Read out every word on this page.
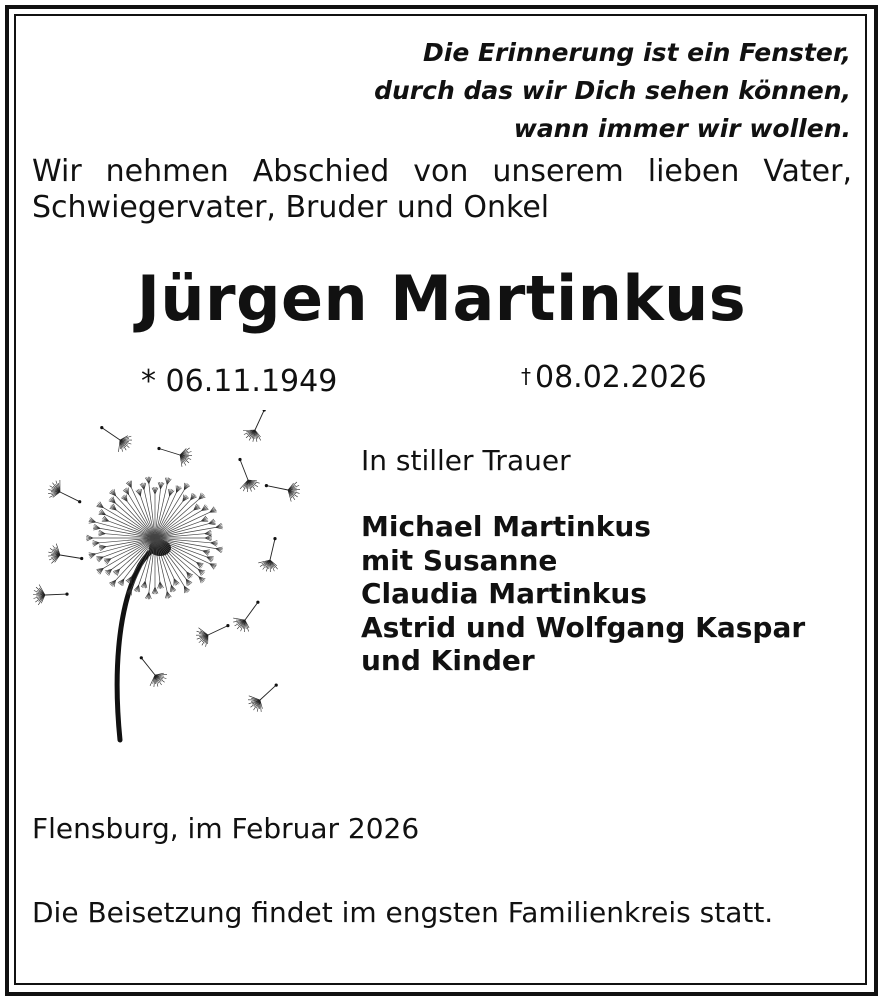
Die Erinnerung ist ein Fenster,
durch das wir Dich sehen können,
wann immer wir wollen.
Wir nehmen Abschied von unserem lieben Vater, Schwiegervater, Bruder und Onkel
Jürgen Martinkus
* 06.11.1949	† 08.02.2026
In stiller Trauer
Michael Martinkus
mit Susanne
Claudia Martinkus
Astrid und Wolfgang Kaspar
und Kinder
Flensburg, im Februar 2026
Die Beisetzung findet im engsten Familienkreis statt.
